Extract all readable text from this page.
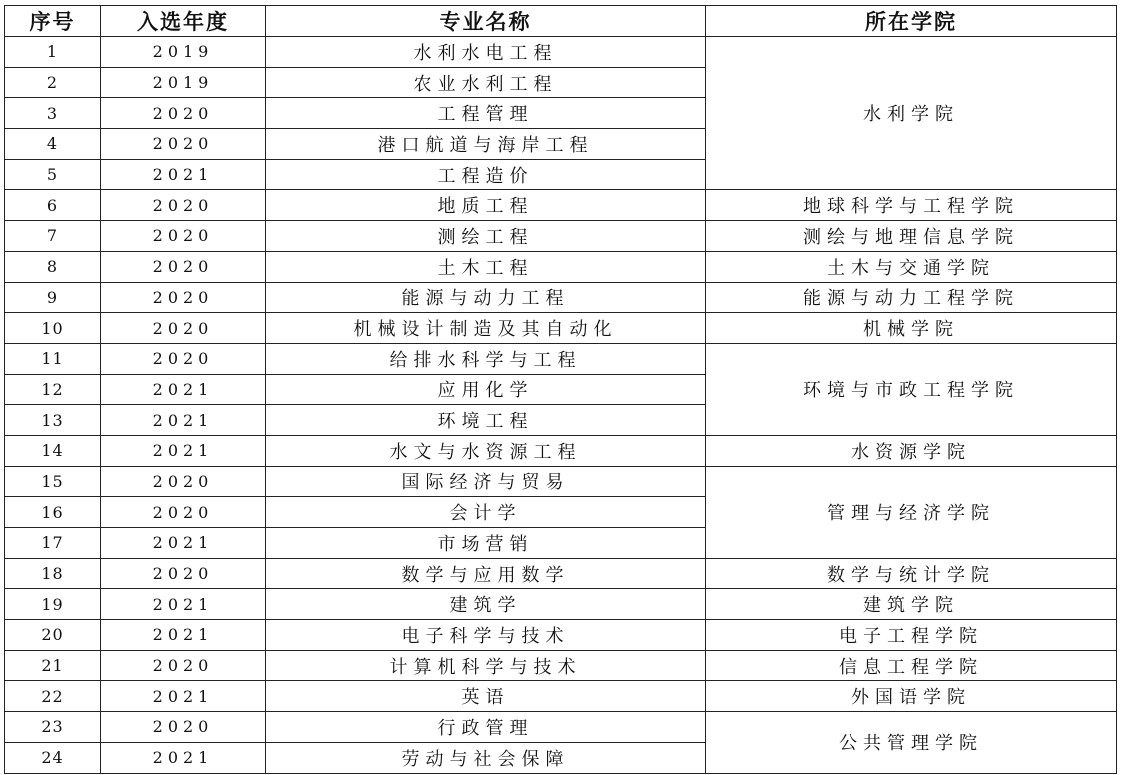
序号	入选年度	专业名称	所在学院
1	2019	水利水电工程	水利学院
2	2019	农业水利工程	
3	2020	工程管理	
4	2020	港口航道与海岸工程	
5	2021	工程造价	
6	2020	地质工程	地球科学与工程学院
7	2020	测绘工程	测绘与地理信息学院
8	2020	土木工程	土木与交通学院
9	2020	能源与动力工程	能源与动力工程学院
10	2020	机械设计制造及其自动化	机械学院
11	2020	给排水科学与工程	环境与市政工程学院
12	2021	应用化学	
13	2021	环境工程	
14	2021	水文与水资源工程	水资源学院
15	2020	国际经济与贸易	管理与经济学院
16	2020	会计学	
17	2021	市场营销	
18	2020	数学与应用数学	数学与统计学院
19	2021	建筑学	建筑学院
20	2021	电子科学与技术	电子工程学院
21	2020	计算机科学与技术	信息工程学院
22	2021	英语	外国语学院
23	2020	行政管理	公共管理学院
24	2021	劳动与社会保障	
